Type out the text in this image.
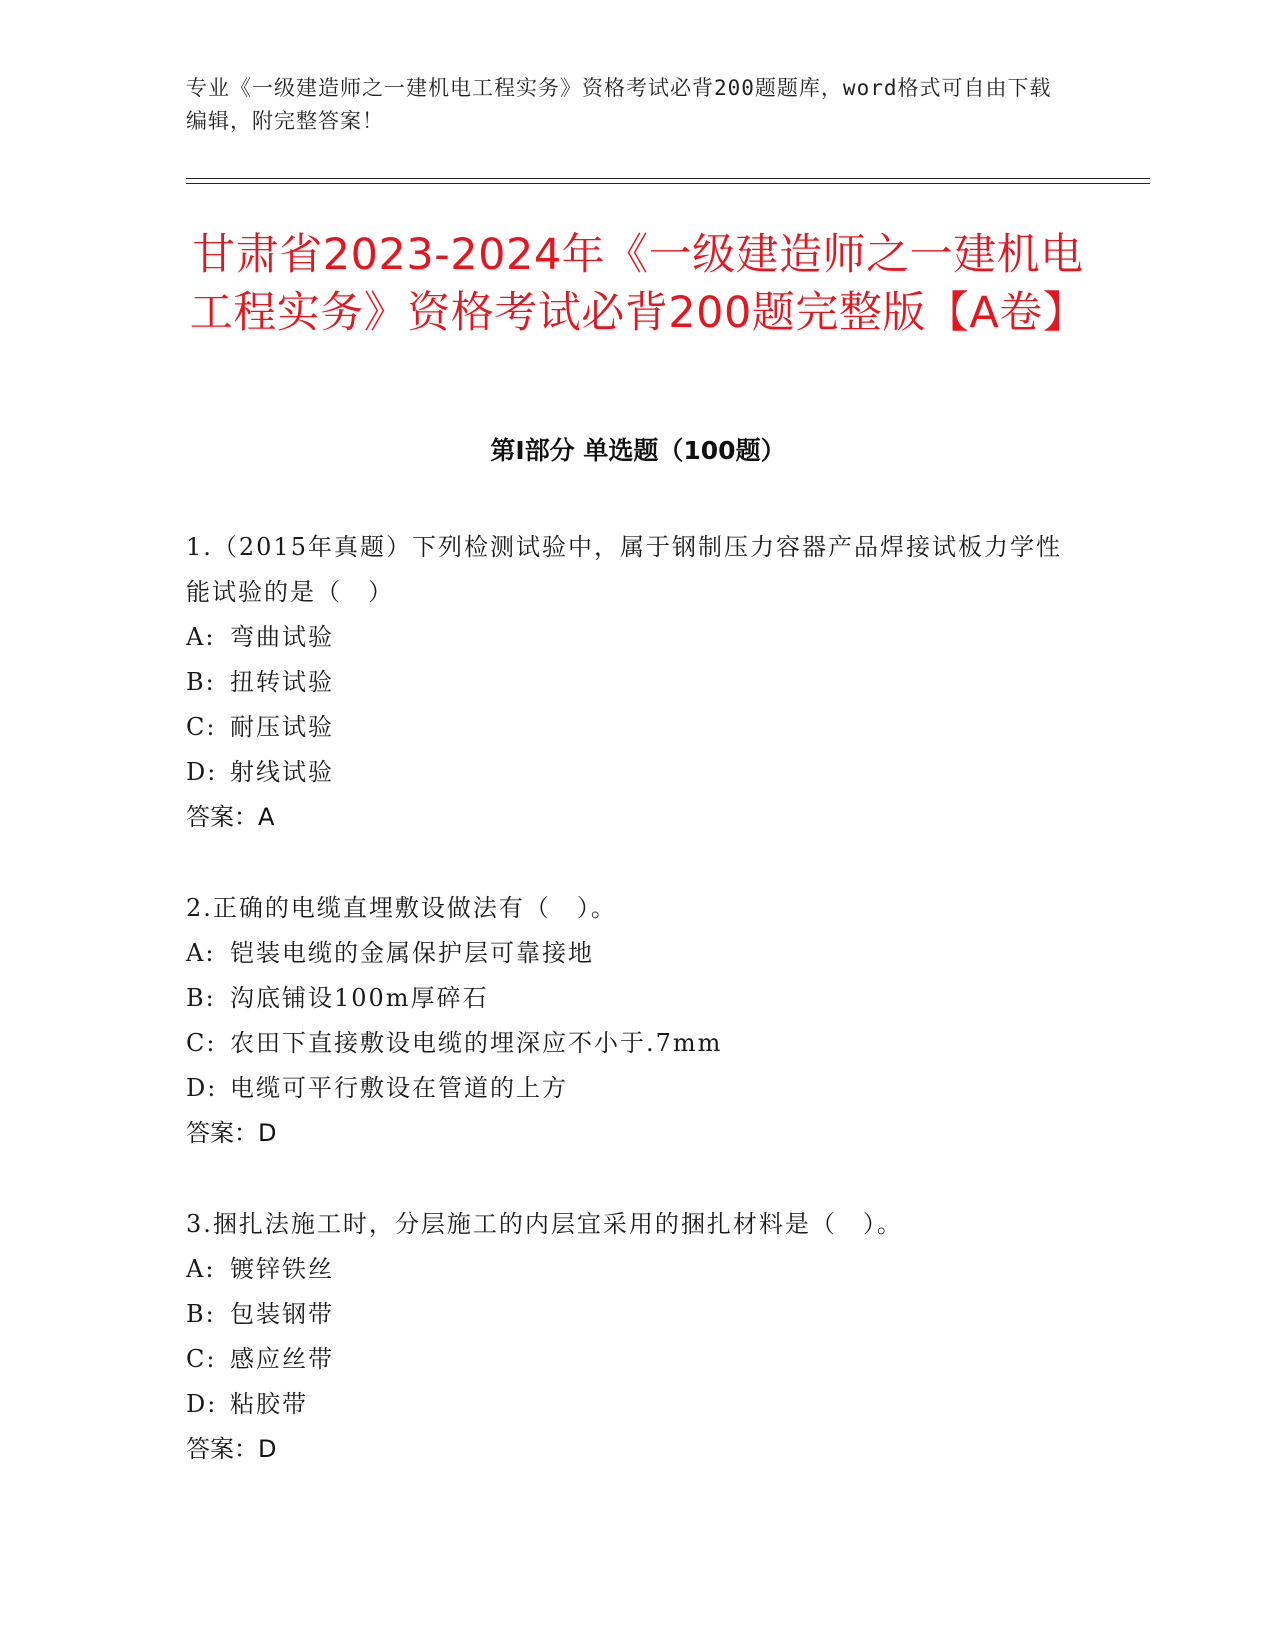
专业《一级建造师之一建机电工程实务》资格考试必背200题题库，word格式可自由下载编辑，附完整答案！
甘肃省2023-2024年《一级建造师之一建机电工程实务》资格考试必背200题完整版【A卷】
第I部分 单选题（100题）

1.（2015年真题）下列检测试验中，属于钢制压力容器产品焊接试板力学性能试验的是（　）

A: 弯曲试验

B: 扭转试验

C: 耐压试验

D: 射线试验

答案：A

2.正确的电缆直埋敷设做法有（　）。

A: 铠装电缆的金属保护层可靠接地

B: 沟底铺设100m厚碎石

C: 农田下直接敷设电缆的埋深应不小于.7mm

D: 电缆可平行敷设在管道的上方

答案：D

3.捆扎法施工时，分层施工的内层宜采用的捆扎材料是（　）。

A: 镀锌铁丝

B: 包装钢带

C: 感应丝带

D: 粘胶带

答案：D
